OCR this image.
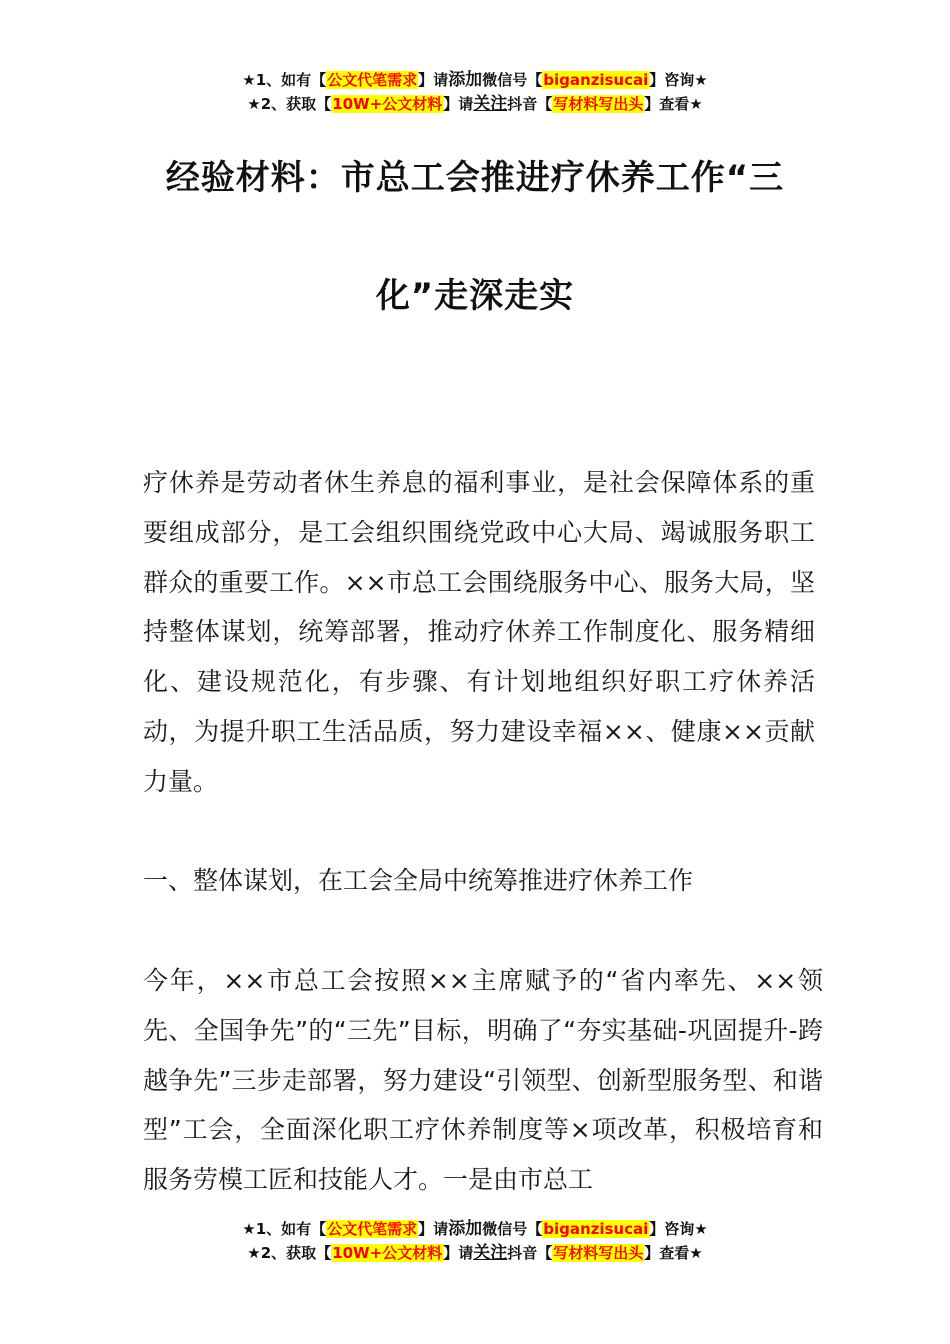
★1、如有【公文代笔需求】请添加微信号【biganzisucai】咨询★
★2、获取【10W+公文材料】请关注抖音【写材料写出头】查看★
经验材料：市总工会推进疗休养工作“三
化”走深走实

疗休养是劳动者休生养息的福利事业，是社会保障体系的重要组成部分，是工会组织围绕党政中心大局、竭诚服务职工群众的重要工作。××市总工会围绕服务中心、服务大局，坚持整体谋划，统筹部署，推动疗休养工作制度化、服务精细化、建设规范化，有步骤、有计划地组织好职工疗休养活动，为提升职工生活品质，努力建设幸福××、健康××贡献力量。

一、整体谋划，在工会全局中统筹推进疗休养工作

今年，××市总工会按照××主席赋予的“省内率先、××领先、全国争先”的“三先”目标，明确了“夯实基础-巩固提升-跨越争先”三步走部署，努力建设“引领型、创新型服务型、和谐型”工会，全面深化职工疗休养制度等×项改革，积极培育和服务劳模工匠和技能人才。一是由市总工

★1、如有【公文代笔需求】请添加微信号【biganzisucai】咨询★
★2、获取【10W+公文材料】请关注抖音【写材料写出头】查看★
